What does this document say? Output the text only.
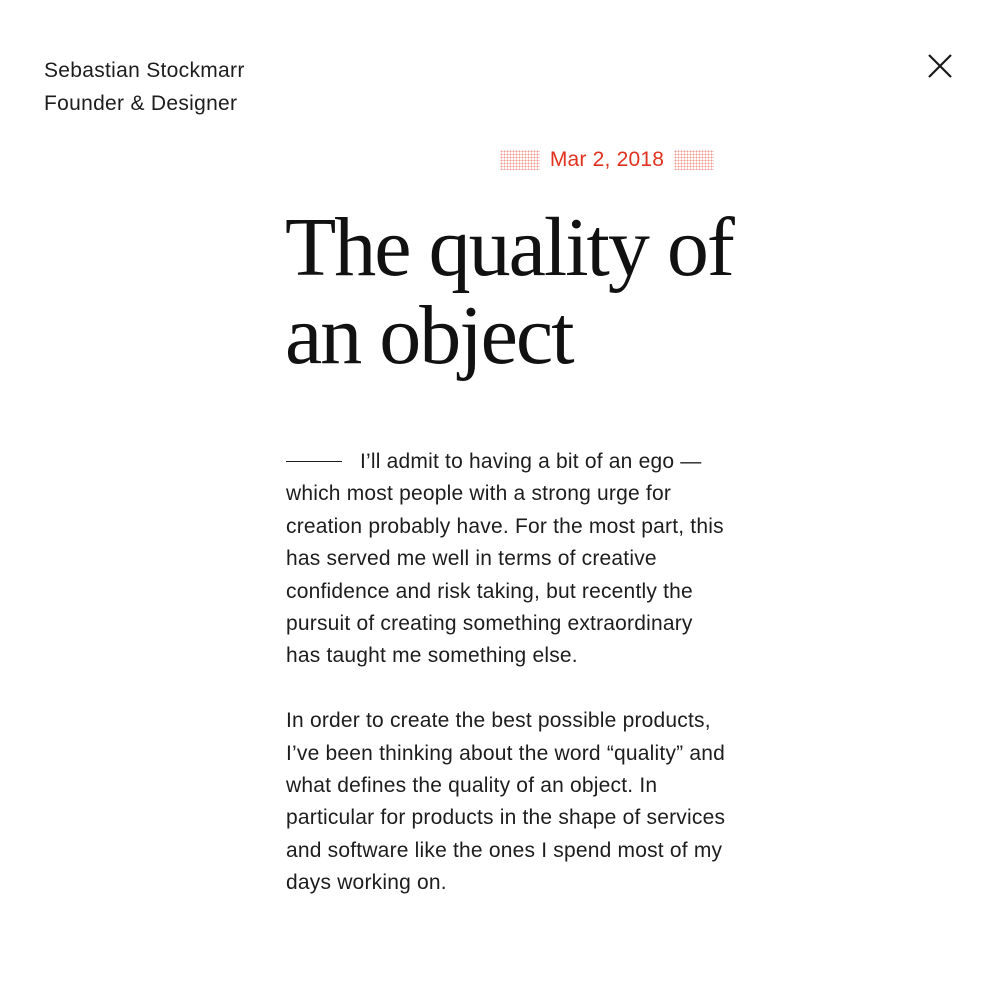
Sebastian Stockmarr
Founder & Designer
Mar 2, 2018
The quality of an object

I’ll admit to having a bit of an ego — which most people with a strong urge for creation probably have. For the most part, this has served me well in terms of creative confidence and risk taking, but recently the pursuit of creating something extraordinary has taught me something else.

In order to create the best possible products, I’ve been thinking about the word “quality” and what defines the quality of an object. In particular for products in the shape of services and software like the ones I spend most of my days working on.
